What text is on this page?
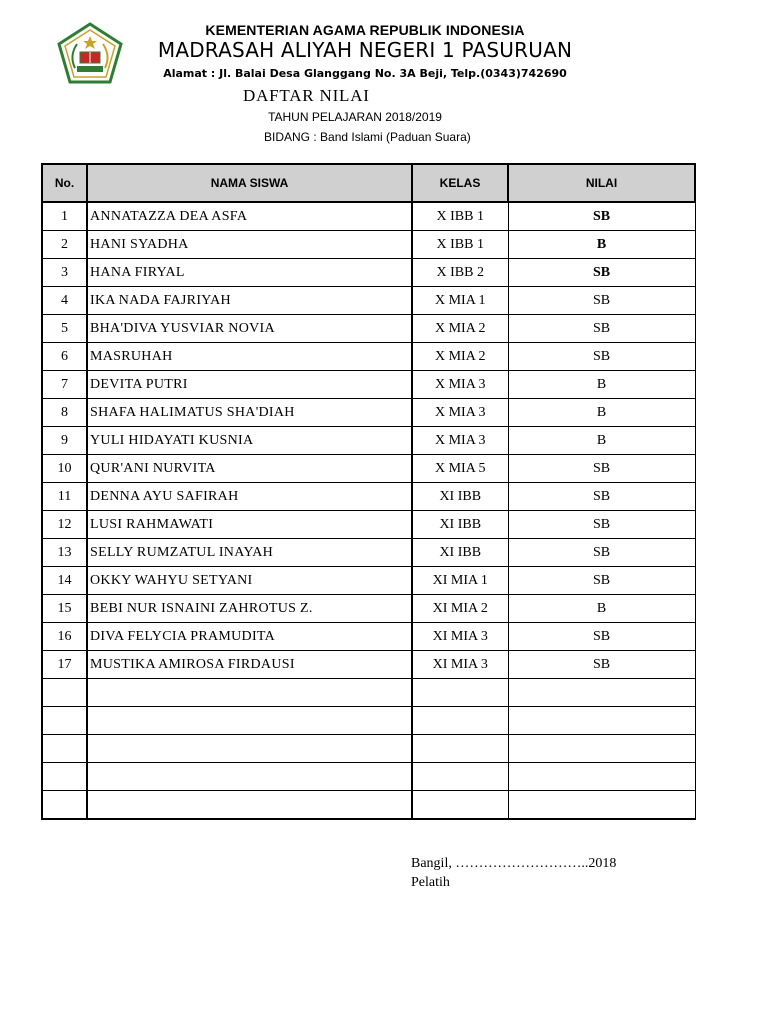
KEMENTERIAN AGAMA REPUBLIK INDONESIA
MADRASAH ALIYAH NEGERI 1 PASURUAN
Alamat : Jl. Balai Desa Glanggang No. 3A Beji, Telp.(0343)742690
DAFTAR NILAI
TAHUN PELAJARAN 2018/2019
BIDANG : Band Islami (Paduan Suara)
No.	NAMA SISWA	KELAS	NILAI
1	ANNATAZZA DEA ASFA	X IBB 1	SB
2	HANI SYADHA	X IBB 1	B
3	HANA FIRYAL	X IBB 2	SB
4	IKA NADA FAJRIYAH	X MIA 1	SB
5	BHA'DIVA YUSVIAR NOVIA	X MIA 2	SB
6	MASRUHAH	X MIA 2	SB
7	DEVITA PUTRI	X MIA 3	B
8	SHAFA HALIMATUS SHA'DIAH	X MIA 3	B
9	YULI HIDAYATI KUSNIA	X MIA 3	B
10	QUR'ANI NURVITA	X MIA 5	SB
11	DENNA AYU SAFIRAH	XI IBB	SB
12	LUSI RAHMAWATI	XI IBB	SB
13	SELLY RUMZATUL INAYAH	XI IBB	SB
14	OKKY WAHYU SETYANI	XI MIA 1	SB
15	BEBI NUR ISNAINI ZAHROTUS Z.	XI MIA 2	B
16	DIVA FELYCIA PRAMUDITA	XI MIA 3	SB
17	MUSTIKA AMIROSA FIRDAUSI	XI MIA 3	SB

Bangil, ………………………..2018
Pelatih
